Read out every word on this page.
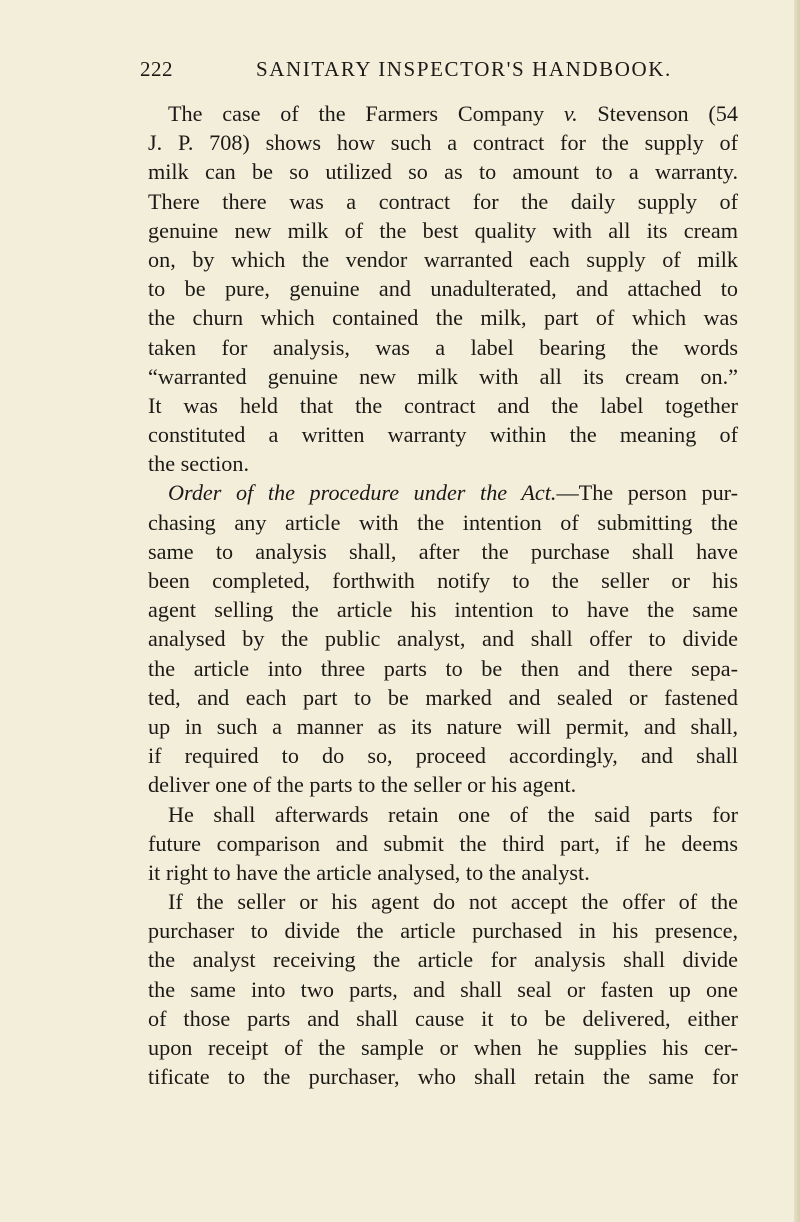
222	SANITARY INSPECTOR'S HANDBOOK.
The case of the Farmers Company v. Stevenson (54
J. P. 708) shows how such a contract for the supply of
milk can be so utilized so as to amount to a warranty.
There there was a contract for the daily supply of
genuine new milk of the best quality with all its cream
on, by which the vendor warranted each supply of milk
to be pure, genuine and unadulterated, and attached to
the churn which contained the milk, part of which was
taken for analysis, was a label bearing the words
“warranted genuine new milk with all its cream on.”
It was held that the contract and the label together
constituted a written warranty within the meaning of
the section.
Order of the procedure under the Act.—The person pur-
chasing any article with the intention of submitting the
same to analysis shall, after the purchase shall have
been completed, forthwith notify to the seller or his
agent selling the article his intention to have the same
analysed by the public analyst, and shall offer to divide
the article into three parts to be then and there sepa-
ted, and each part to be marked and sealed or fastened
up in such a manner as its nature will permit, and shall,
if required to do so, proceed accordingly, and shall
deliver one of the parts to the seller or his agent.
He shall afterwards retain one of the said parts for
future comparison and submit the third part, if he deems
it right to have the article analysed, to the analyst.
If the seller or his agent do not accept the offer of the
purchaser to divide the article purchased in his presence,
the analyst receiving the article for analysis shall divide
the same into two parts, and shall seal or fasten up one
of those parts and shall cause it to be delivered, either
upon receipt of the sample or when he supplies his cer-
tificate to the purchaser, who shall retain the same for
